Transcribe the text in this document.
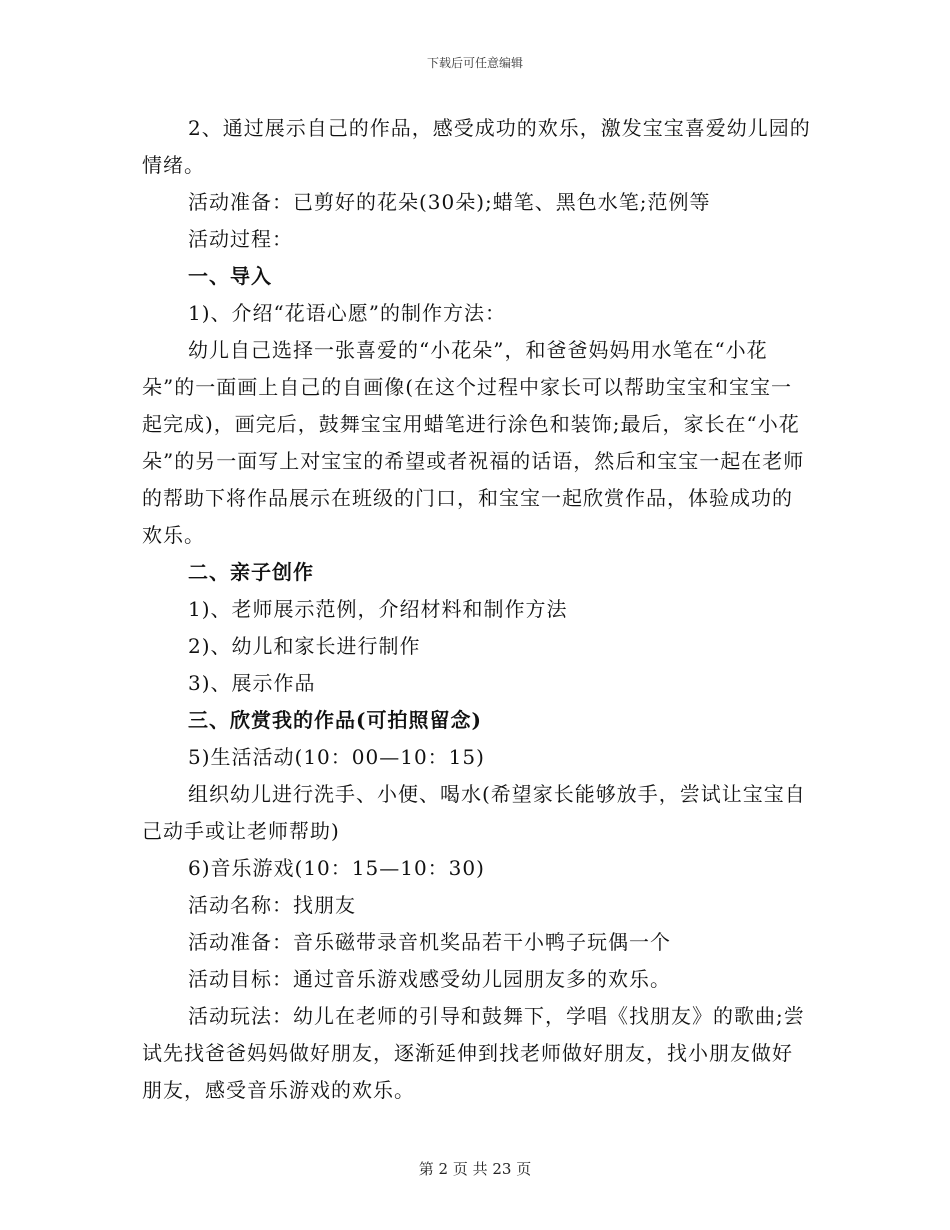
下载后可任意编辑

2、通过展示自己的作品，感受成功的欢乐，激发宝宝喜爱幼儿园的情绪。

活动准备：已剪好的花朵(30朵);蜡笔、黑色水笔;范例等

活动过程：

一、导入

1)、介绍“花语心愿”的制作方法：

幼儿自己选择一张喜爱的“小花朵”，和爸爸妈妈用水笔在“小花朵”的一面画上自己的自画像(在这个过程中家长可以帮助宝宝和宝宝一起完成)，画完后，鼓舞宝宝用蜡笔进行涂色和装饰;最后，家长在“小花朵”的另一面写上对宝宝的希望或者祝福的话语，然后和宝宝一起在老师的帮助下将作品展示在班级的门口，和宝宝一起欣赏作品，体验成功的欢乐。

二、亲子创作

1)、老师展示范例，介绍材料和制作方法

2)、幼儿和家长进行制作

3)、展示作品

三、欣赏我的作品(可拍照留念)

5)生活活动(10：00—10：15)

组织幼儿进行洗手、小便、喝水(希望家长能够放手，尝试让宝宝自己动手或让老师帮助)

6)音乐游戏(10：15—10：30)

活动名称：找朋友

活动准备：音乐磁带录音机奖品若干小鸭子玩偶一个

活动目标：通过音乐游戏感受幼儿园朋友多的欢乐。

活动玩法：幼儿在老师的引导和鼓舞下，学唱《找朋友》的歌曲;尝试先找爸爸妈妈做好朋友，逐渐延伸到找老师做好朋友，找小朋友做好朋友，感受音乐游戏的欢乐。

第 2 页 共 23 页
